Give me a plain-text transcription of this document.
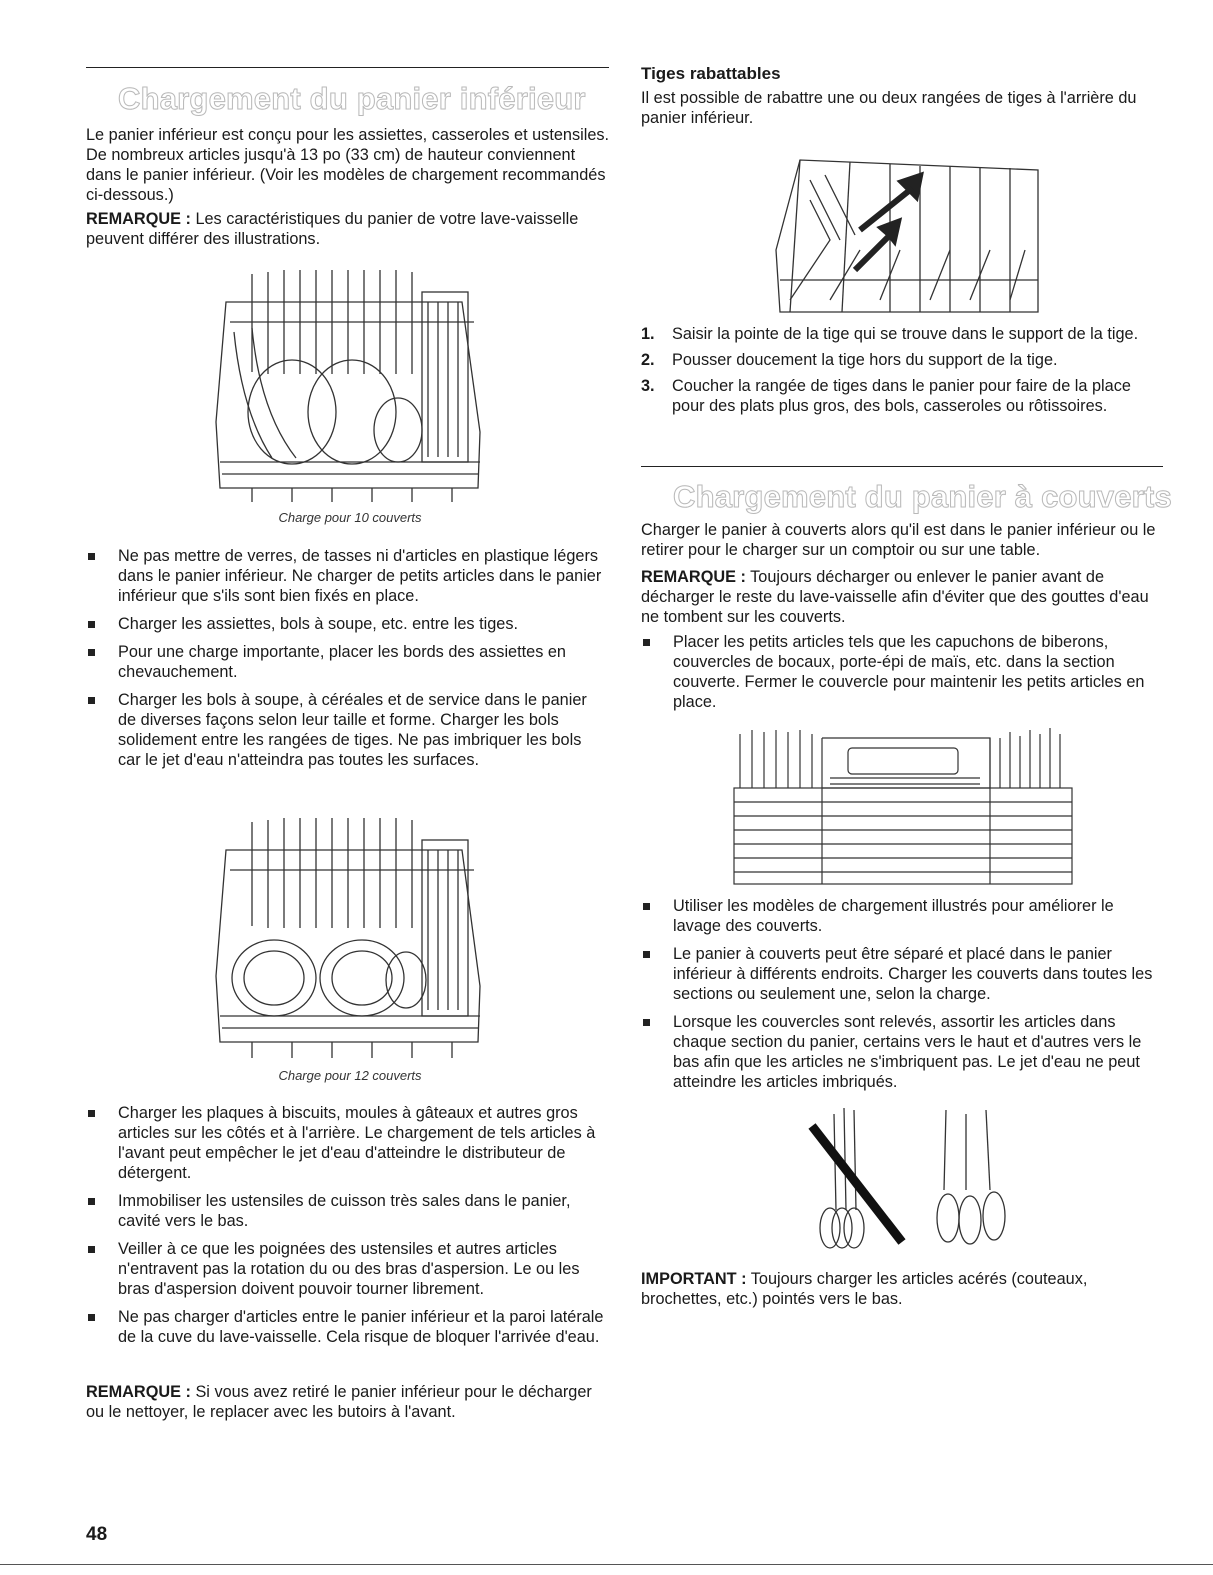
Chargement du panier inférieur

Le panier inférieur est conçu pour les assiettes, casseroles et ustensiles. De nombreux articles jusqu'à 13 po (33 cm) de hauteur conviennent dans le panier inférieur. (Voir les modèles de chargement recommandés ci-dessous.)

REMARQUE : Les caractéristiques du panier de votre lave-vaisselle peuvent différer des illustrations.

Charge pour 10 couverts
Ne pas mettre de verres, de tasses ni d'articles en plastique légers dans le panier inférieur. Ne charger de petits articles dans le panier inférieur que s'ils sont bien fixés en place.
Charger les assiettes, bols à soupe, etc. entre les tiges.
Pour une charge importante, placer les bords des assiettes en chevauchement.
Charger les bols à soupe, à céréales et de service dans le panier de diverses façons selon leur taille et forme. Charger les bols solidement entre les rangées de tiges. Ne pas imbriquer les bols car le jet d'eau n'atteindra pas toutes les surfaces.
Charge pour 12 couverts
Charger les plaques à biscuits, moules à gâteaux et autres gros articles sur les côtés et à l'arrière. Le chargement de tels articles à l'avant peut empêcher le jet d'eau d'atteindre le distributeur de détergent.
Immobiliser les ustensiles de cuisson très sales dans le panier, cavité vers le bas.
Veiller à ce que les poignées des ustensiles et autres articles n'entravent pas la rotation du ou des bras d'aspersion. Le ou les bras d'aspersion doivent pouvoir tourner librement.
Ne pas charger d'articles entre le panier inférieur et la paroi latérale de la cuve du lave-vaisselle. Cela risque de bloquer l'arrivée d'eau.

REMARQUE : Si vous avez retiré le panier inférieur pour le décharger ou le nettoyer, le replacer avec les butoirs à l'avant.

Tiges rabattables

Il est possible de rabattre une ou deux rangées de tiges à l'arrière du panier inférieur.

1. Saisir la pointe de la tige qui se trouve dans le support de la tige.
2. Pousser doucement la tige hors du support de la tige.
3. Coucher la rangée de tiges dans le panier pour faire de la place pour des plats plus gros, des bols, casseroles ou rôtissoires.
Chargement du panier à couverts

Charger le panier à couverts alors qu'il est dans le panier inférieur ou le retirer pour le charger sur un comptoir ou sur une table.

REMARQUE : Toujours décharger ou enlever le panier avant de décharger le reste du lave-vaisselle afin d'éviter que des gouttes d'eau ne tombent sur les couverts.

Placer les petits articles tels que les capuchons de biberons, couvercles de bocaux, porte-épi de maïs, etc. dans la section couverte. Fermer le couvercle pour maintenir les petits articles en place.
Utiliser les modèles de chargement illustrés pour améliorer le lavage des couverts.
Le panier à couverts peut être séparé et placé dans le panier inférieur à différents endroits. Charger les couverts dans toutes les sections ou seulement une, selon la charge.
Lorsque les couvercles sont relevés, assortir les articles dans chaque section du panier, certains vers le haut et d'autres vers le bas afin que les articles ne s'imbriquent pas. Le jet d'eau ne peut atteindre les articles imbriqués.

IMPORTANT : Toujours charger les articles acérés (couteaux, brochettes, etc.) pointés vers le bas.

48
